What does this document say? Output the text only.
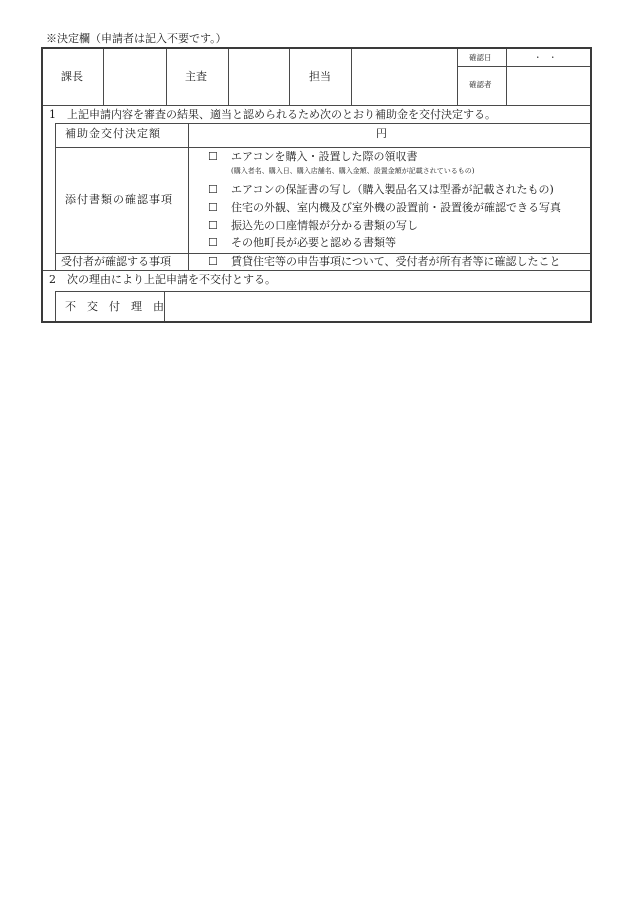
※決定欄（申請者は記入不要です。）
課長	主査	担当
確認日	・　・
確認者
1　上記申請内容を審査の結果、適当と認められるため次のとおり補助金を交付決定する。
補助金交付決定額	円
添付書類の確認事項
☐ エアコンを購入・設置した際の領収書
(購入者名、購入日、購入店舗名、購入金額、設置金額が記載されているもの)
☐ エアコンの保証書の写し（購入製品名又は型番が記載されたもの)
☐ 住宅の外観、室内機及び室外機の設置前・設置後が確認できる写真
☐ 振込先の口座情報が分かる書類の写し
☐ その他町長が必要と認める書類等
受付者が確認する事項	☐ 賃貸住宅等の申告事項について、受付者が所有者等に確認したこと
2　次の理由により上記申請を不交付とする。
不　交　付　理　由
